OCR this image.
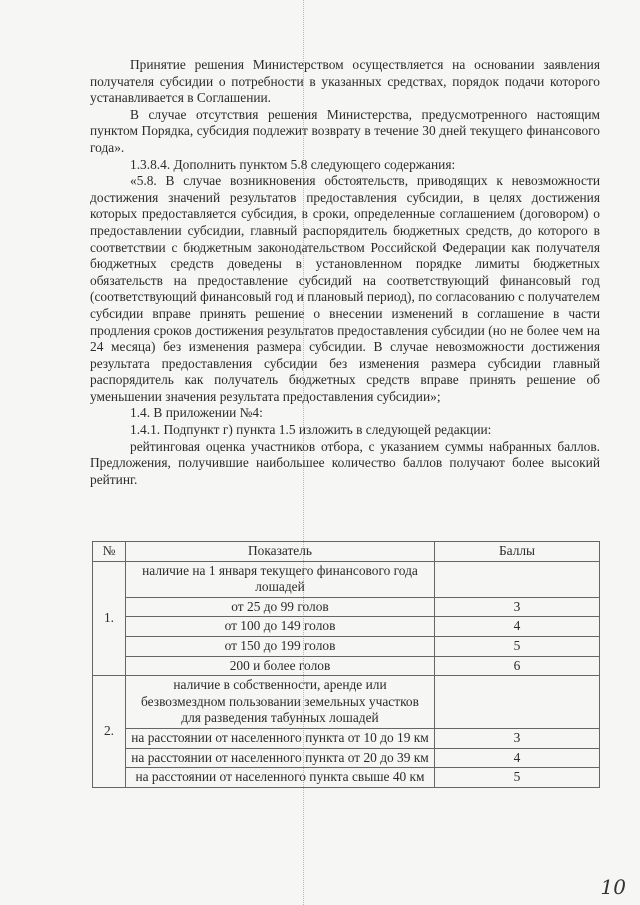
Принятие решения Министерством осуществляется на основании заявления получателя субсидии о потребности в указанных средствах, порядок подачи которого устанавливается в Соглашении.

В случае отсутствия решения Министерства, предусмотренного настоящим пунктом Порядка, субсидия подлежит возврату в течение 30 дней текущего финансового года».

1.3.8.4. Дополнить пунктом 5.8 следующего содержания:

«5.8. В случае возникновения обстоятельств, приводящих к невозможности достижения значений результатов предоставления субсидии, в целях достижения которых предоставляется субсидия, в сроки, определенные соглашением (договором) о предоставлении субсидии, главный распорядитель бюджетных средств, до которого в соответствии с бюджетным законодательством Российской Федерации как получателя бюджетных средств доведены в установленном порядке лимиты бюджетных обязательств на предоставление субсидий на соответствующий финансовый год (соответствующий финансовый год и плановый период), по согласованию с получателем субсидии вправе принять решение о внесении изменений в соглашение в части продления сроков достижения результатов предоставления субсидии (но не более чем на 24 месяца) без изменения размера субсидии. В случае невозможности достижения результата предоставления субсидии без изменения размера субсидии главный распорядитель как получатель бюджетных средств вправе принять решение об уменьшении значения результата предоставления субсидии»;

1.4. В приложении №4:

1.4.1. Подпункт г) пункта 1.5 изложить в следующей редакции:

рейтинговая оценка участников отбора, с указанием суммы набранных баллов. Предложения, получившие наибольшее количество баллов получают более высокий рейтинг.

№	Показатель	Баллы
1.	наличие на 1 января текущего финансового года лошадей	
	от 25 до 99 голов	3
	от 100 до 149 голов	4
	от 150 до 199 голов	5
	200 и более голов	6
2.	наличие в собственности, аренде или безвозмездном пользовании земельных участков для разведения табунных лошадей	
	на расстоянии от населенного пункта от 10 до 19 км	3
	на расстоянии от населенного пункта от 20 до 39 км	4
	на расстоянии от населенного пункта свыше 40 км	5
10
